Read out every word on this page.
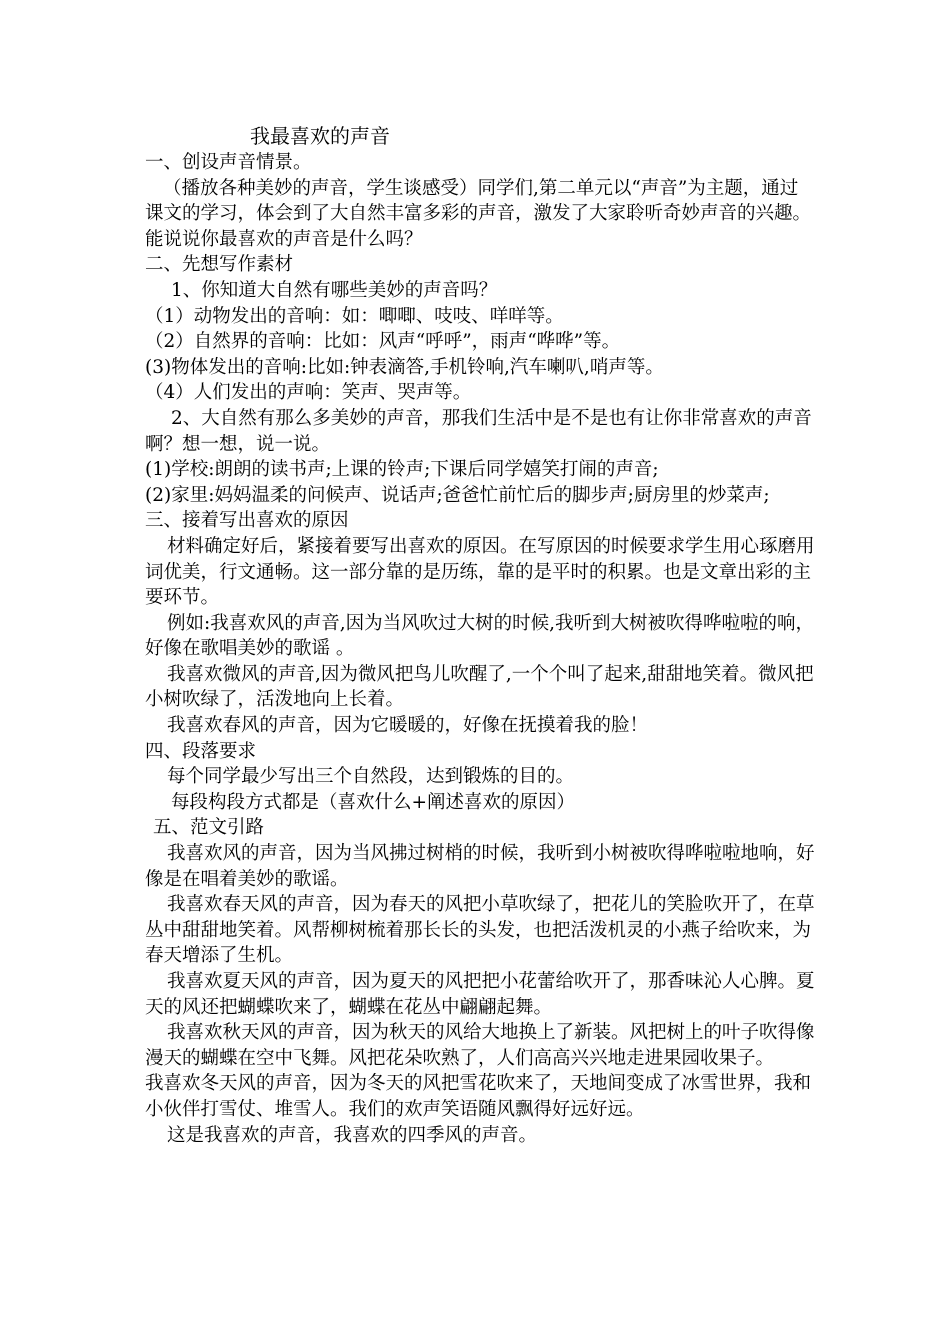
我最喜欢的声音

一、创设声音情景。

（播放各种美妙的声音，学生谈感受）同学们,第二单元以“声音”为主题，通过课文的学习，体会到了大自然丰富多彩的声音，激发了大家聆听奇妙声音的兴趣。能说说你最喜欢的声音是什么吗？

二、先想写作素材

1、你知道大自然有哪些美妙的声音吗？

（1）动物发出的音响：如：唧唧、吱吱、咩咩等。

（2）自然界的音响：比如：风声“呼呼”，雨声“哗哗”等。

(3)物体发出的音响:比如:钟表滴答,手机铃响,汽车喇叭,哨声等。

（4）人们发出的声响：笑声、哭声等。

2、大自然有那么多美妙的声音，那我们生活中是不是也有让你非常喜欢的声音啊？想一想，说一说。

(1)学校:朗朗的读书声;上课的铃声;下课后同学嬉笑打闹的声音;

(2)家里:妈妈温柔的问候声、说话声;爸爸忙前忙后的脚步声;厨房里的炒菜声;

三、接着写出喜欢的原因

材料确定好后，紧接着要写出喜欢的原因。在写原因的时候要求学生用心琢磨用词优美，行文通畅。这一部分靠的是历练，靠的是平时的积累。也是文章出彩的主要环节。

例如:我喜欢风的声音,因为当风吹过大树的时候,我听到大树被吹得哗啦啦的响，好像在歌唱美妙的歌谣 。

我喜欢微风的声音,因为微风把鸟儿吹醒了,一个个叫了起来,甜甜地笑着。微风把小树吹绿了，活泼地向上长着。

我喜欢春风的声音，因为它暖暖的，好像在抚摸着我的脸！

四、段落要求

每个同学最少写出三个自然段，达到锻炼的目的。

每段构段方式都是（喜欢什么+阐述喜欢的原因）

五、范文引路

我喜欢风的声音，因为当风拂过树梢的时候，我听到小树被吹得哗啦啦地响，好像是在唱着美妙的歌谣。

我喜欢春天风的声音，因为春天的风把小草吹绿了，把花儿的笑脸吹开了，在草丛中甜甜地笑着。风帮柳树梳着那长长的头发，也把活泼机灵的小燕子给吹来，为春天增添了生机。

我喜欢夏天风的声音，因为夏天的风把把小花蕾给吹开了，那香味沁人心脾。夏天的风还把蝴蝶吹来了，蝴蝶在花丛中翩翩起舞。

我喜欢秋天风的声音，因为秋天的风给大地换上了新装。风把树上的叶子吹得像漫天的蝴蝶在空中飞舞。风把花朵吹熟了，人们高高兴兴地走进果园收果子。

我喜欢冬天风的声音，因为冬天的风把雪花吹来了，天地间变成了冰雪世界，我和小伙伴打雪仗、堆雪人。我们的欢声笑语随风飘得好远好远。

这是我喜欢的声音，我喜欢的四季风的声音。
